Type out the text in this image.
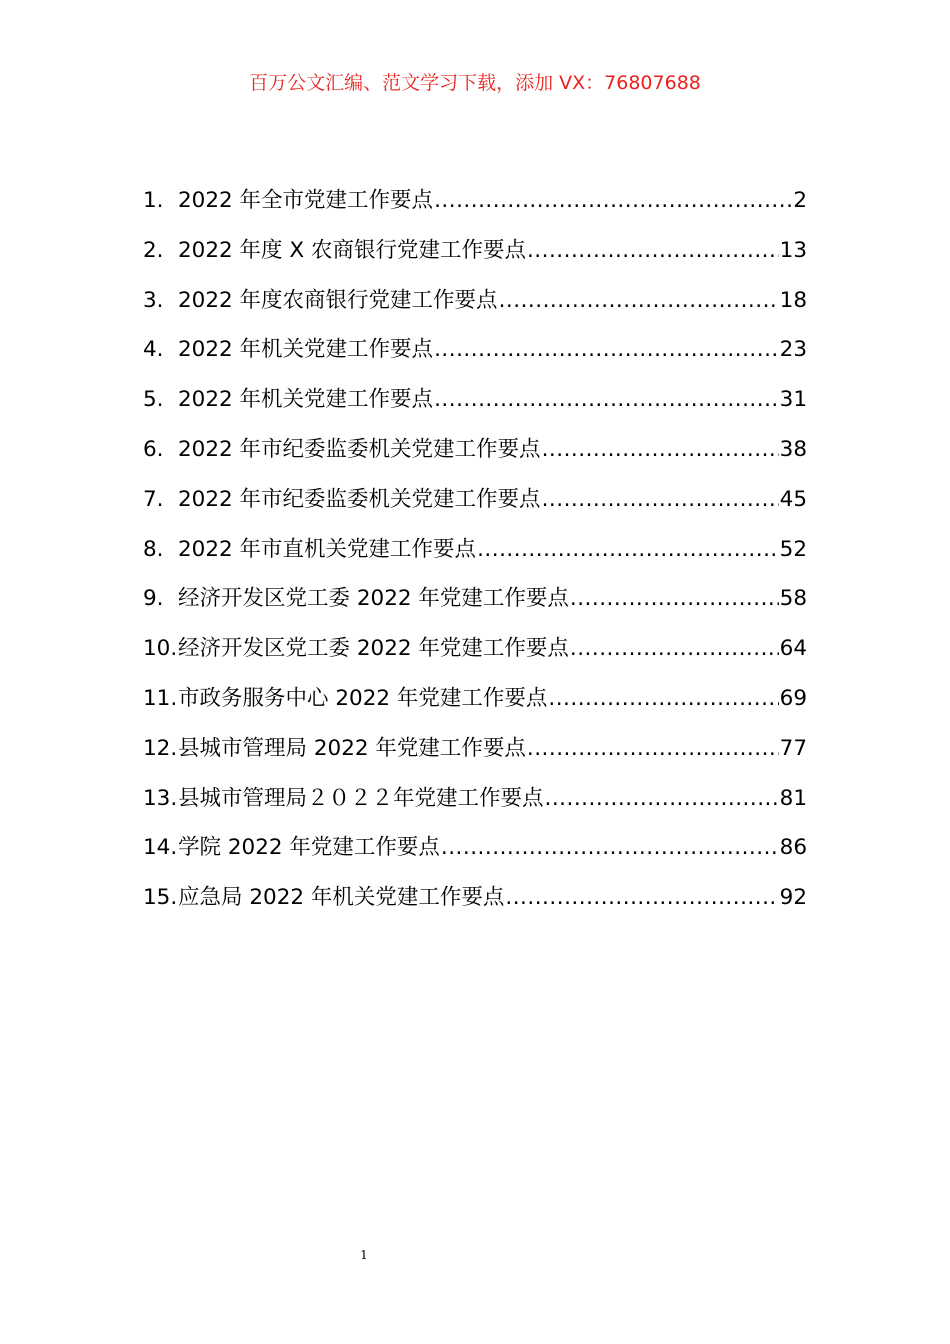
百万公文汇编、范文学习下载，添加 VX：76807688
1. 2022 年全市党建工作要点 .....	2
2. 2022 年度 X 农商银行党建工作要点 .....	13
3. 2022 年度农商银行党建工作要点 .....	18
4. 2022 年机关党建工作要点 .....	23
5. 2022 年机关党建工作要点 .....	31
6. 2022 年市纪委监委机关党建工作要点 .....	38
7. 2022 年市纪委监委机关党建工作要点 .....	45
8. 2022 年市直机关党建工作要点 .....	52
9. 经济开发区党工委 2022 年党建工作要点 .....	58
10. 经济开发区党工委 2022 年党建工作要点 .....	64
11. 市政务服务中心 2022 年党建工作要点 .....	69
12. 县城市管理局 2022 年党建工作要点 .....	77
13. 县城市管理局２０２２年党建工作要点 .....	81
14. 学院 2022 年党建工作要点 .....	86
15. 应急局 2022 年机关党建工作要点 .....	92
1
